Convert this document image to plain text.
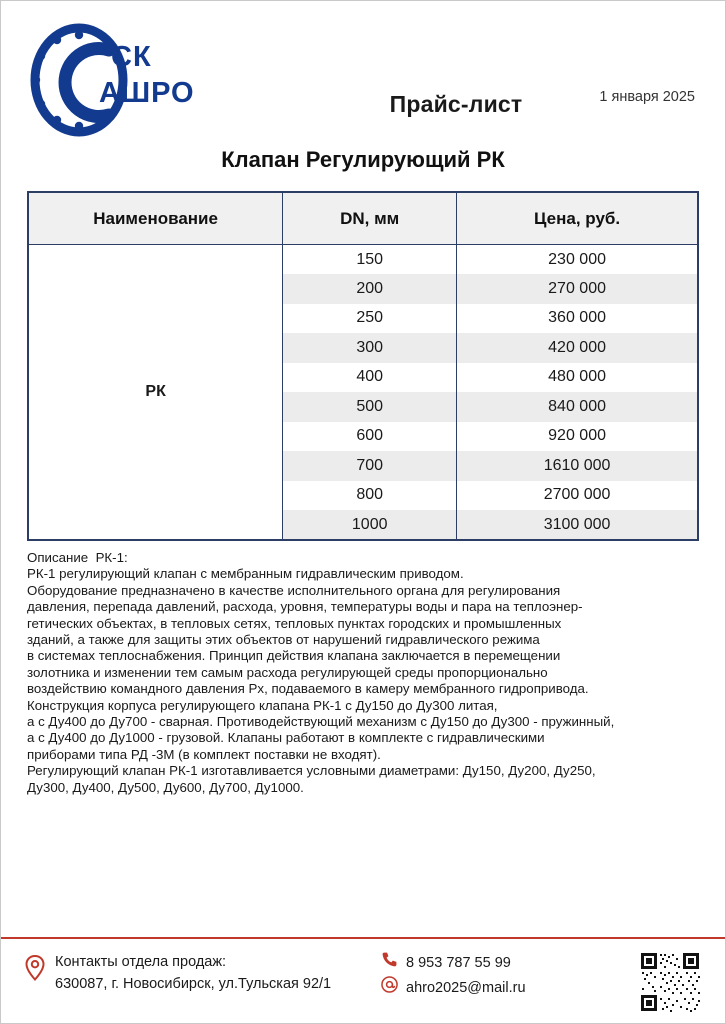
СК
АШРО	Прайс-лист	1 января 2025
Клапан Регулирующий РК
Наименование	DN, мм	Цена, руб.
РК	150	230 000
	200	270 000
	250	360 000
	300	420 000
	400	480 000
	500	840 000
	600	920 000
	700	1610 000
	800	2700 000
	1000	3100 000
Описание  РК-1:
РК-1 регулирующий клапан с мембранным гидравлическим приводом.
Оборудование предназначено в качестве исполнительного органа для регулирования
давления, перепада давлений, расхода, уровня, температуры воды и пара на теплоэнер-
гетических объектах, в тепловых сетях, тепловых пунктах городских и промышленных
зданий, а также для защиты этих объектов от нарушений гидравлического режима
в системах теплоснабжения. Принцип действия клапана заключается в перемещении
золотника и изменении тем самым расхода регулирующей среды пропорционально
воздействию командного давления Рх, подаваемого в камеру мембранного гидропривода.
Конструкция корпуса регулирующего клапана РК-1 с Ду150 до Ду300 литая,
а с Ду400 до Ду700 - сварная. Противодействующий механизм с Ду150 до Ду300 - пружинный,
а с Ду400 до Ду1000 - грузовой. Клапаны работают в комплекте с гидравлическими
приборами типа РД -3М (в комплект поставки не входят).
Регулирующий клапан РК-1 изготавливается условными диаметрами: Ду150, Ду200, Ду250,
Ду300, Ду400, Ду500, Ду600, Ду700, Ду1000.
Контакты отдела продаж:
630087, г. Новосибирск, ул.Тульская 92/1
8 953 787 55 99
ahro2025@mail.ru
